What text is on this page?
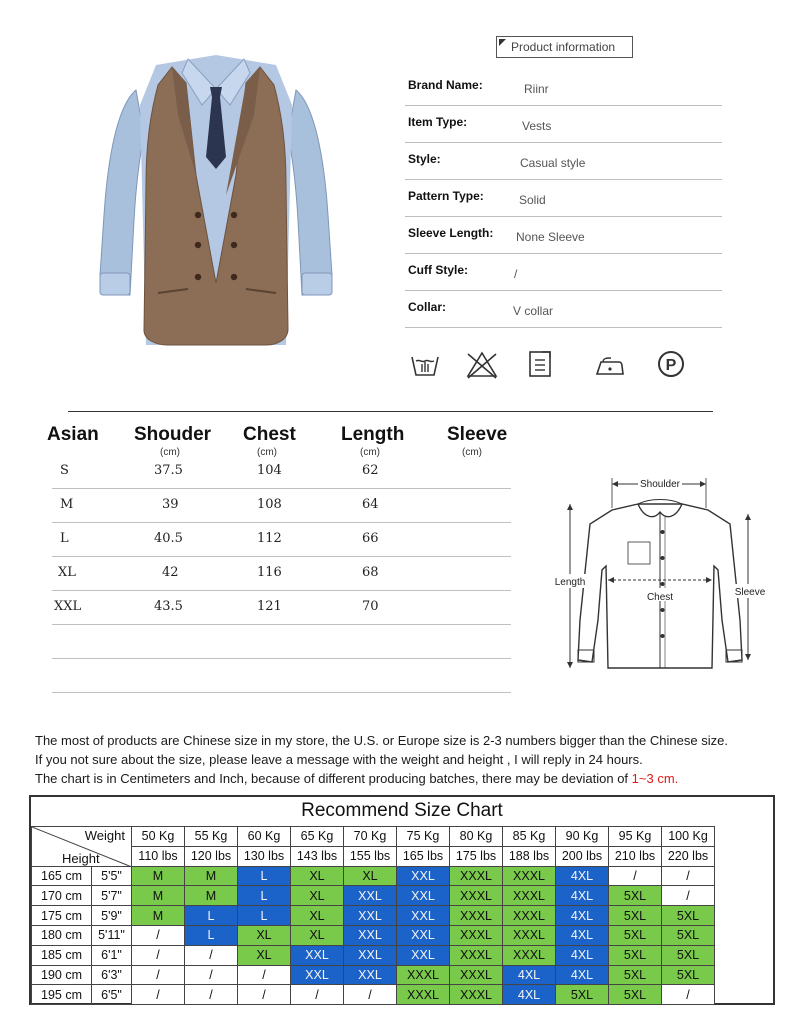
Product information
Brand Name:	Riinr
Item Type:	Vests
Style:	Casual style
Pattern Type:	Solid
Sleeve Length: None Sleeve
Cuff Style:	/
Collar:	V collar
P
Asian Shouder Chest Length Sleeve
(cm)	(cm)	(cm)	(cm)
S	37.5	104	62
M	39	108	64
L	40.5	112	66
XL	42	116	68
XXL	43.5	121	70
Shoulder
Chest
Length
Sleeve
The most of products are Chinese size in my store, the U.S. or Europe size is 2-3 numbers bigger than the Chinese size.
If you not sure about the size, please leave a message with the weight and height , I will reply in 24 hours.
The chart is in Centimeters and Inch, because of different producing batches, there may be deviation of 1~3 cm.
Recommend Size Chart
Weight
Height		50 Kg	55 Kg	60 Kg	65 Kg	70 Kg	75 Kg	80 Kg	85 Kg	90 Kg	95 Kg	100 Kg
		110 lbs	120 lbs	130 lbs	143 lbs	155 lbs	165 lbs	175 lbs	188 lbs	200 lbs	210 lbs	220 lbs
165 cm	5'5"	M	M	L	XL	XL	XXL	XXXL	XXXL	4XL	/	/
170 cm	5'7"	M	M	L	XL	XXL	XXL	XXXL	XXXL	4XL	5XL	/
175 cm	5'9"	M	L	L	XL	XXL	XXL	XXXL	XXXL	4XL	5XL	5XL
180 cm	5'11"	/	L	XL	XL	XXL	XXL	XXXL	XXXL	4XL	5XL	5XL
185 cm	6'1"	/	/	XL	XXL	XXL	XXL	XXXL	XXXL	4XL	5XL	5XL
190 cm	6'3"	/	/	/	XXL	XXL	XXXL	XXXL	4XL	4XL	5XL	5XL
195 cm	6'5"	/	/	/	/	/	XXXL	XXXL	4XL	5XL	5XL	/
